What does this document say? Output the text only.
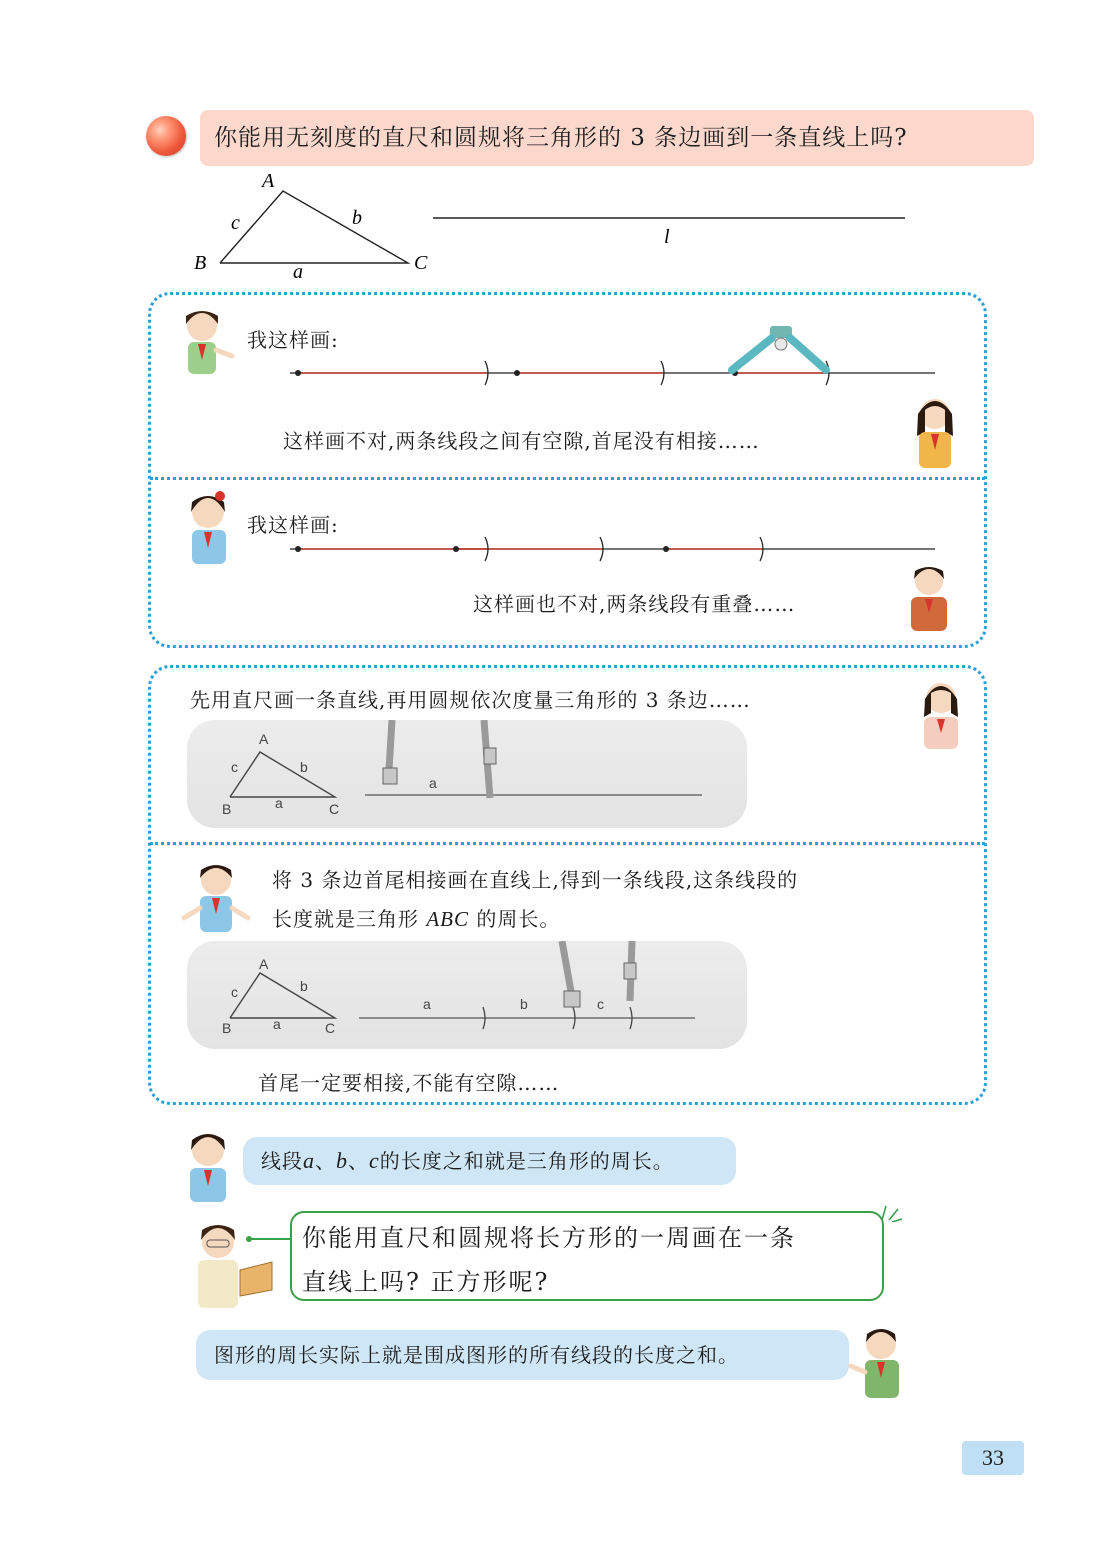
你能用无刻度的直尺和圆规将三角形的 3 条边画到一条直线上吗?
A
B	C
c	b
a
l
我这样画:
这样画不对,两条线段之间有空隙,首尾没有相接……
我这样画:
这样画也不对,两条线段有重叠……
先用直尺画一条直线,再用圆规依次度量三角形的 3 条边……
A
c	b
B	a	C
a
将 3 条边首尾相接画在直线上,得到一条线段,这条线段的
长度就是三角形 ABC 的周长。
A
c	b
B	a	C
a	b	c
首尾一定要相接,不能有空隙……
线段a、b、c的长度之和就是三角形的周长。
你能用直尺和圆规将长方形的一周画在一条
直线上吗? 正方形呢?
图形的周长实际上就是围成图形的所有线段的长度之和。
33
